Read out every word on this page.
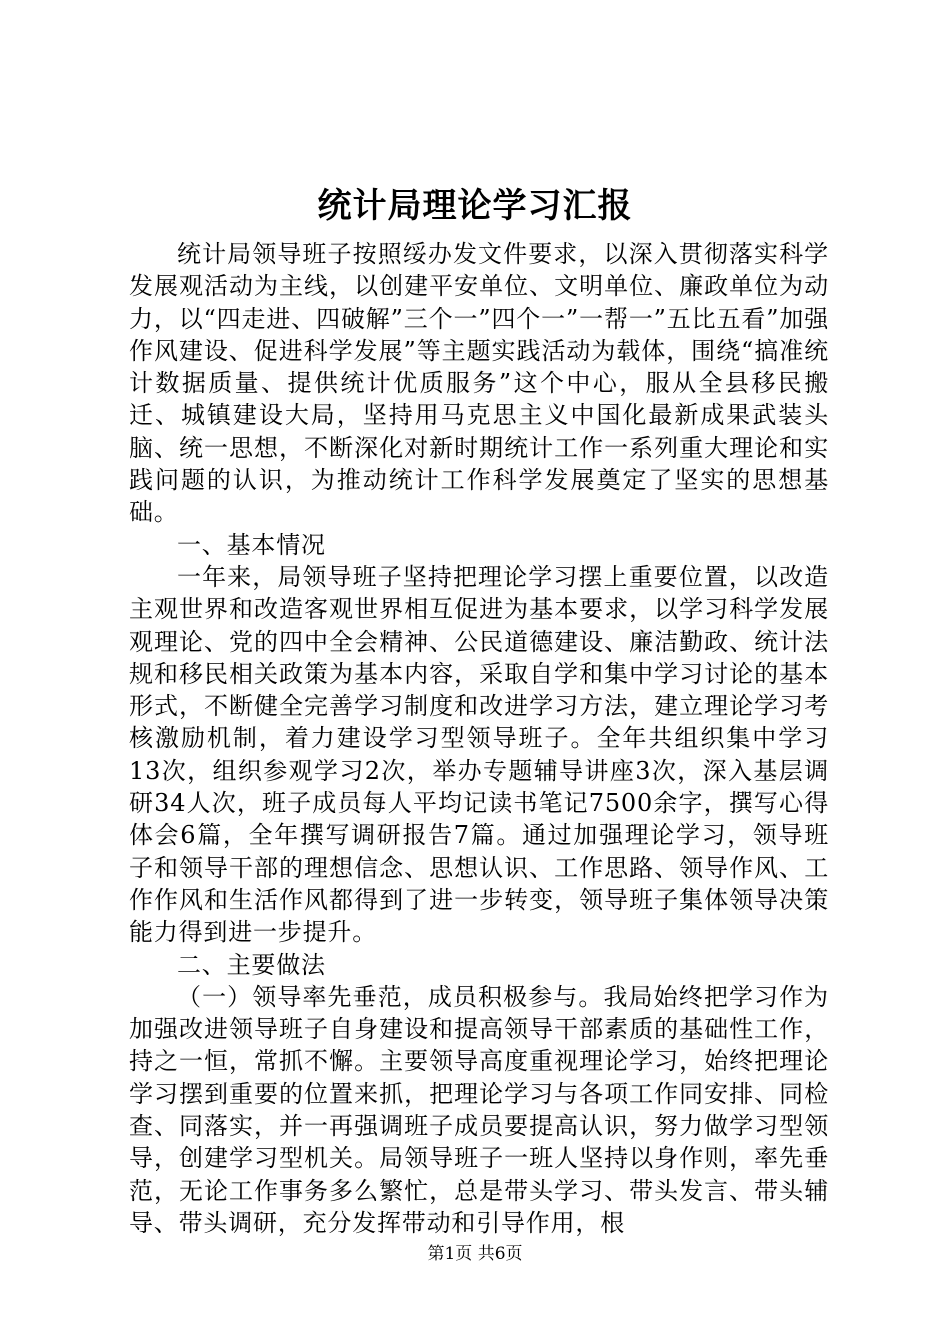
统计局理论学习汇报

统计局领导班子按照绥办发文件要求，以深入贯彻落实科学发展观活动为主线，以创建平安单位、文明单位、廉政单位为动力，以“四走进、四破解”三个一”四个一”一帮一”五比五看”加强作风建设、促进科学发展”等主题实践活动为载体，围绕“搞准统计数据质量、提供统计优质服务”这个中心，服从全县移民搬迁、城镇建设大局，坚持用马克思主义中国化最新成果武装头脑、统一思想，不断深化对新时期统计工作一系列重大理论和实践问题的认识，为推动统计工作科学发展奠定了坚实的思想基础。

一、基本情况

一年来，局领导班子坚持把理论学习摆上重要位置，以改造主观世界和改造客观世界相互促进为基本要求，以学习科学发展观理论、党的四中全会精神、公民道德建设、廉洁勤政、统计法规和移民相关政策为基本内容，采取自学和集中学习讨论的基本形式，不断健全完善学习制度和改进学习方法，建立理论学习考核激励机制，着力建设学习型领导班子。全年共组织集中学习13次，组织参观学习2次，举办专题辅导讲座3次，深入基层调研34人次，班子成员每人平均记读书笔记7500余字，撰写心得体会6篇，全年撰写调研报告7篇。通过加强理论学习，领导班子和领导干部的理想信念、思想认识、工作思路、领导作风、工作作风和生活作风都得到了进一步转变，领导班子集体领导决策能力得到进一步提升。

二、主要做法

（一）领导率先垂范，成员积极参与。我局始终把学习作为加强改进领导班子自身建设和提高领导干部素质的基础性工作，持之一恒，常抓不懈。主要领导高度重视理论学习，始终把理论学习摆到重要的位置来抓，把理论学习与各项工作同安排、同检查、同落实，并一再强调班子成员要提高认识，努力做学习型领导，创建学习型机关。局领导班子一班人坚持以身作则，率先垂范，无论工作事务多么繁忙，总是带头学习、带头发言、带头辅导、带头调研，充分发挥带动和引导作用，根

第1页 共6页
